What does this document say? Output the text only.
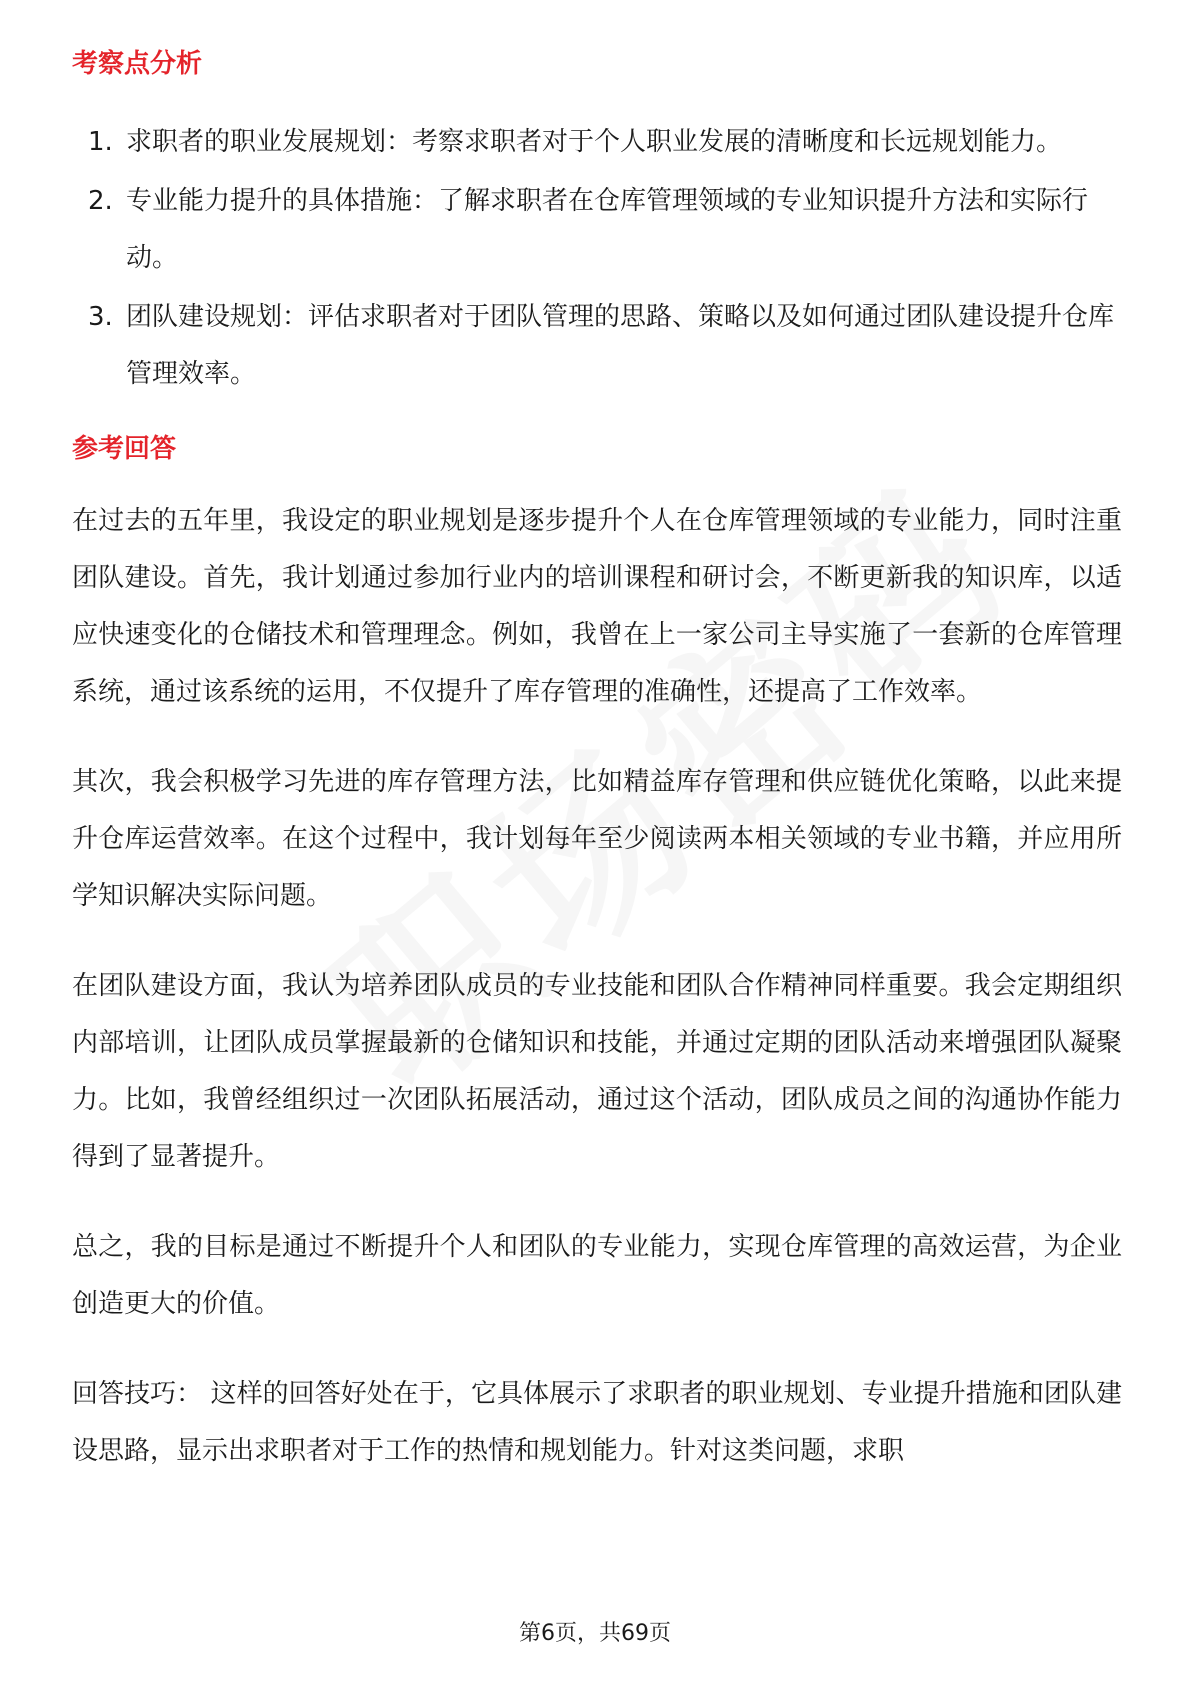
考察点分析
1. 求职者的职业发展规划：考察求职者对于个人职业发展的清晰度和长远规划能力。
2. 专业能力提升的具体措施：了解求职者在仓库管理领域的专业知识提升方法和实际行动。
3. 团队建设规划：评估求职者对于团队管理的思路、策略以及如何通过团队建设提升仓库管理效率。
参考回答

在过去的五年里，我设定的职业规划是逐步提升个人在仓库管理领域的专业能力，同时注重团队建设。首先，我计划通过参加行业内的培训课程和研讨会，不断更新我的知识库，以适应快速变化的仓储技术和管理理念。例如，我曾在上一家公司主导实施了一套新的仓库管理系统，通过该系统的运用，不仅提升了库存管理的准确性，还提高了工作效率。

其次，我会积极学习先进的库存管理方法，比如精益库存管理和供应链优化策略，以此来提升仓库运营效率。在这个过程中，我计划每年至少阅读两本相关领域的专业书籍，并应用所学知识解决实际问题。

在团队建设方面，我认为培养团队成员的专业技能和团队合作精神同样重要。我会定期组织内部培训，让团队成员掌握最新的仓储知识和技能，并通过定期的团队活动来增强团队凝聚力。比如，我曾经组织过一次团队拓展活动，通过这个活动，团队成员之间的沟通协作能力得到了显著提升。

总之，我的目标是通过不断提升个人和团队的专业能力，实现仓库管理的高效运营，为企业创造更大的价值。

回答技巧： 这样的回答好处在于，它具体展示了求职者的职业规划、专业提升措施和团队建设思路，显示出求职者对于工作的热情和规划能力。针对这类问题，求职

第6页，共69页
